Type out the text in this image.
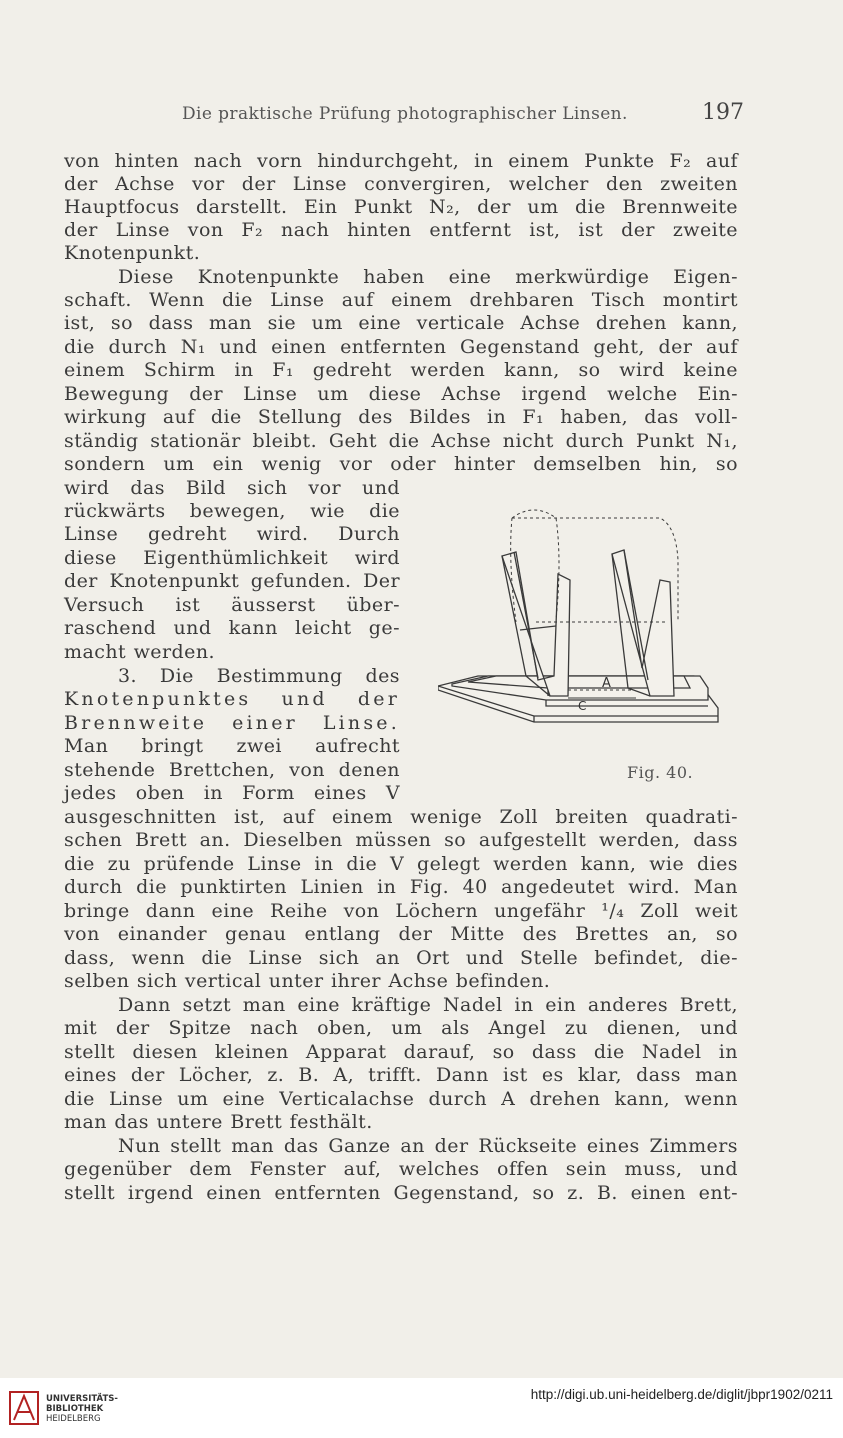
Die praktische Prüfung photographischer Linsen.	197
von hinten nach vorn hindurchgeht, in einem Punkte F₂ auf
der Achse vor der Linse convergiren, welcher den zweiten
Hauptfocus darstellt. Ein Punkt N₂, der um die Brennweite
der Linse von F₂ nach hinten entfernt ist, ist der zweite
Knotenpunkt.
Diese Knotenpunkte haben eine merkwürdige Eigen-
schaft. Wenn die Linse auf einem drehbaren Tisch montirt
ist, so dass man sie um eine verticale Achse drehen kann,
die durch N₁ und einen entfernten Gegenstand geht, der auf
einem Schirm in F₁ gedreht werden kann, so wird keine
Bewegung der Linse um diese Achse irgend welche Ein-
wirkung auf die Stellung des Bildes in F₁ haben, das voll-
ständig stationär bleibt. Geht die Achse nicht durch Punkt N₁,
sondern um ein wenig vor oder hinter demselben hin, so
wird das Bild sich vor und
rückwärts bewegen, wie die
Linse gedreht wird. Durch
diese Eigenthümlichkeit wird
der Knotenpunkt gefunden. Der
Versuch ist äusserst über-
raschend und kann leicht ge-
macht werden.
3. Die Bestimmung des
Knotenpunktes und der
Brennweite einer Linse.
Man bringt zwei aufrecht
stehende Brettchen, von denen
jedes oben in Form eines V
ausgeschnitten ist, auf einem wenige Zoll breiten quadrati-
schen Brett an. Dieselben müssen so aufgestellt werden, dass
die zu prüfende Linse in die V gelegt werden kann, wie dies
durch die punktirten Linien in Fig. 40 angedeutet wird. Man
bringe dann eine Reihe von Löchern ungefähr ¹/₄ Zoll weit
von einander genau entlang der Mitte des Brettes an, so
dass, wenn die Linse sich an Ort und Stelle befindet, die-
selben sich vertical unter ihrer Achse befinden.
Dann setzt man eine kräftige Nadel in ein anderes Brett,
mit der Spitze nach oben, um als Angel zu dienen, und
stellt diesen kleinen Apparat darauf, so dass die Nadel in
eines der Löcher, z. B. A, trifft. Dann ist es klar, dass man
die Linse um eine Verticalachse durch A drehen kann, wenn
man das untere Brett festhält.
Nun stellt man das Ganze an der Rückseite eines Zimmers
gegenüber dem Fenster auf, welches offen sein muss, und
stellt irgend einen entfernten Gegenstand, so z. B. einen ent-
A
C
Fig. 40.
UNIVERSITÄTS-
BIBLIOTHEK
HEIDELBERG
http://digi.ub.uni-heidelberg.de/diglit/jbpr1902/0211
